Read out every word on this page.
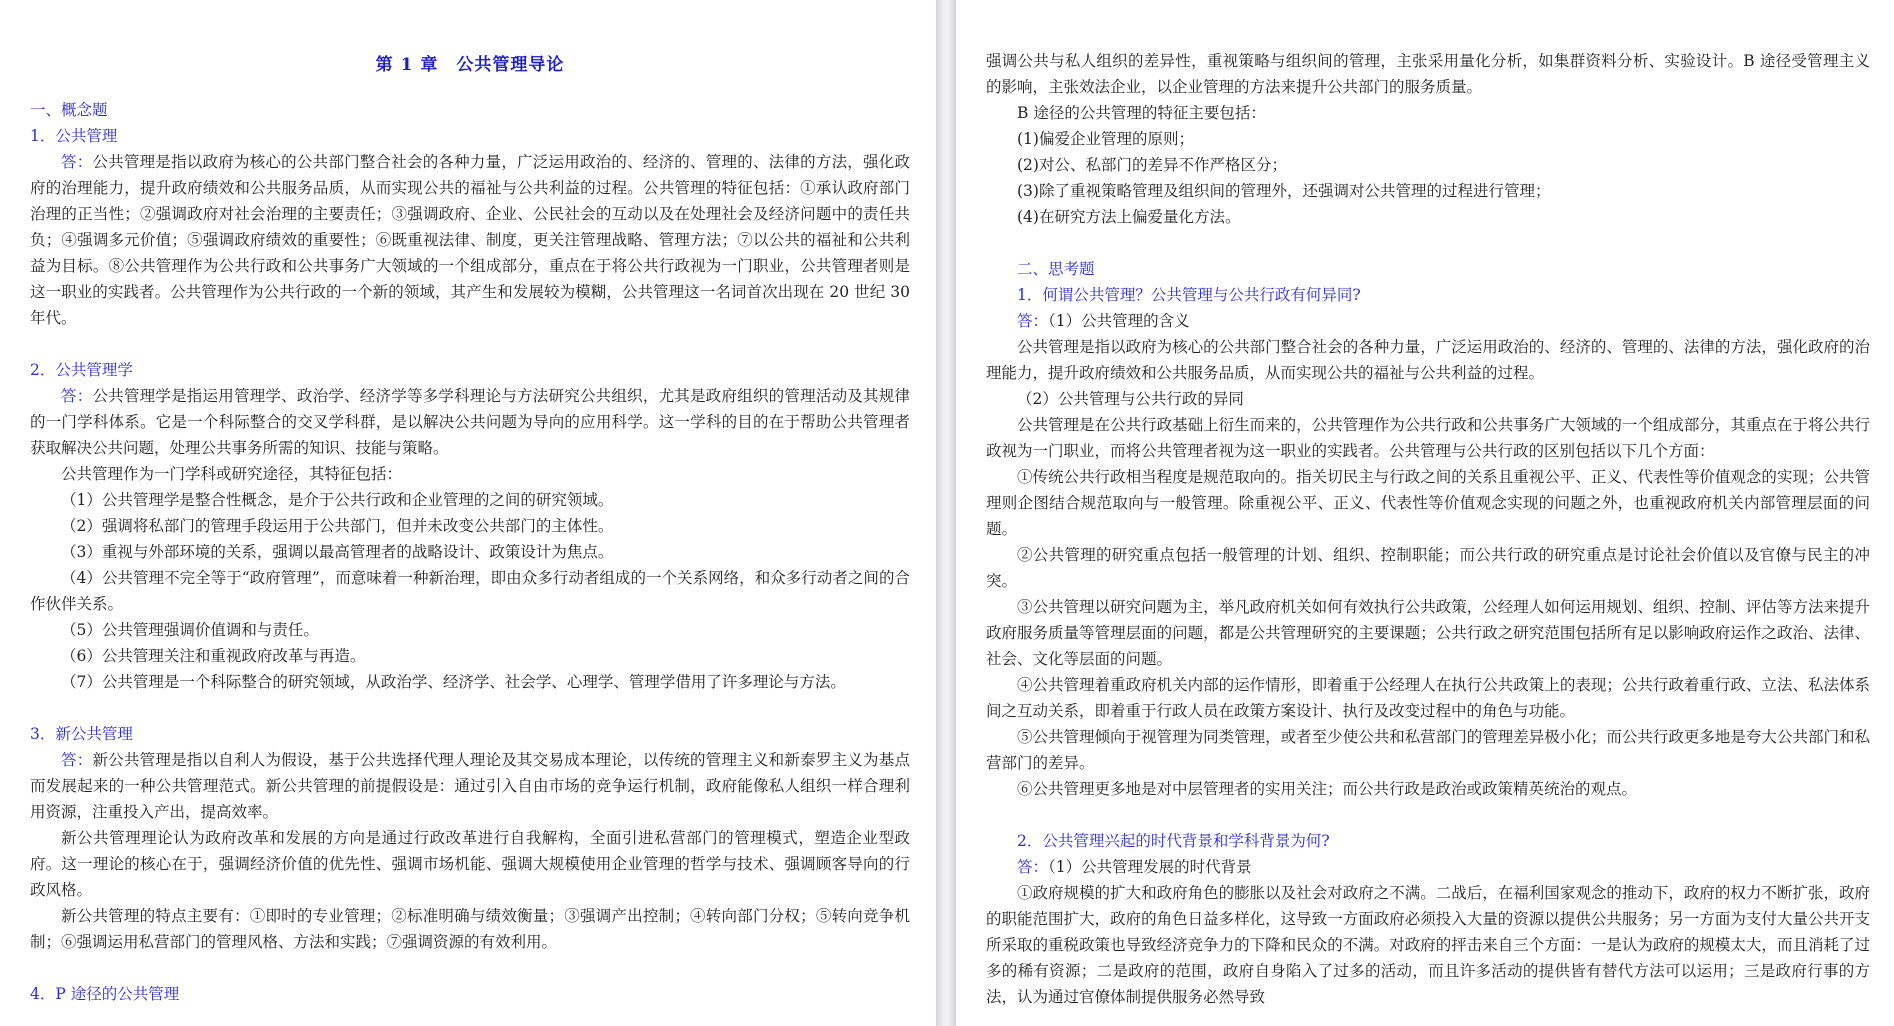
第 1 章　公共管理导论
一、概念题
1．公共管理

答：公共管理是指以政府为核心的公共部门整合社会的各种力量，广泛运用政治的、经济的、管理的、法律的方法，强化政府的治理能力，提升政府绩效和公共服务品质，从而实现公共的福祉与公共利益的过程。公共管理的特征包括：①承认政府部门治理的正当性；②强调政府对社会治理的主要责任；③强调政府、企业、公民社会的互动以及在处理社会及经济问题中的责任共负；④强调多元价值；⑤强调政府绩效的重要性；⑥既重视法律、制度，更关注管理战略、管理方法；⑦以公共的福祉和公共利益为目标。⑧公共管理作为公共行政和公共事务广大领域的一个组成部分，重点在于将公共行政视为一门职业，公共管理者则是这一职业的实践者。公共管理作为公共行政的一个新的领域，其产生和发展较为模糊，公共管理这一名词首次出现在 20 世纪 30 年代。

2．公共管理学

答：公共管理学是指运用管理学、政治学、经济学等多学科理论与方法研究公共组织，尤其是政府组织的管理活动及其规律的一门学科体系。它是一个科际整合的交叉学科群，是以解决公共问题为导向的应用科学。这一学科的目的在于帮助公共管理者获取解决公共问题，处理公共事务所需的知识、技能与策略。

公共管理作为一门学科或研究途径，其特征包括：

（1）公共管理学是整合性概念，是介于公共行政和企业管理的之间的研究领域。

（2）强调将私部门的管理手段运用于公共部门，但并未改变公共部门的主体性。

（3）重视与外部环境的关系，强调以最高管理者的战略设计、政策设计为焦点。

（4）公共管理不完全等于“政府管理”，而意味着一种新治理，即由众多行动者组成的一个关系网络，和众多行动者之间的合作伙伴关系。

（5）公共管理强调价值调和与责任。

（6）公共管理关注和重视政府改革与再造。

（7）公共管理是一个科际整合的研究领域，从政治学、经济学、社会学、心理学、管理学借用了许多理论与方法。

3．新公共管理

答：新公共管理是指以自利人为假设，基于公共选择代理人理论及其交易成本理论，以传统的管理主义和新泰罗主义为基点而发展起来的一种公共管理范式。新公共管理的前提假设是：通过引入自由市场的竞争运行机制，政府能像私人组织一样合理利用资源，注重投入产出，提高效率。

新公共管理理论认为政府改革和发展的方向是通过行政改革进行自我解构，全面引进私营部门的管理模式，塑造企业型政府。这一理论的核心在于，强调经济价值的优先性、强调市场机能、强调大规模使用企业管理的哲学与技术、强调顾客导向的行政风格。

新公共管理的特点主要有：①即时的专业管理；②标准明确与绩效衡量；③强调产出控制；④转向部门分权；⑤转向竞争机制；⑥强调运用私营部门的管理风格、方法和实践；⑦强调资源的有效利用。

4．P 途径的公共管理

强调公共与私人组织的差异性，重视策略与组织间的管理，主张采用量化分析，如集群资料分析、实验设计。B 途径受管理主义的影响，主张效法企业，以企业管理的方法来提升公共部门的服务质量。

B 途径的公共管理的特征主要包括：

(1)偏爱企业管理的原则；

(2)对公、私部门的差异不作严格区分；

(3)除了重视策略管理及组织间的管理外，还强调对公共管理的过程进行管理；

(4)在研究方法上偏爱量化方法。

二、思考题
1．何谓公共管理？公共管理与公共行政有何异同?

答：（1）公共管理的含义

公共管理是指以政府为核心的公共部门整合社会的各种力量，广泛运用政治的、经济的、管理的、法律的方法，强化政府的治理能力，提升政府绩效和公共服务品质，从而实现公共的福祉与公共利益的过程。

（2）公共管理与公共行政的异同

公共管理是在公共行政基础上衍生而来的，公共管理作为公共行政和公共事务广大领域的一个组成部分，其重点在于将公共行政视为一门职业，而将公共管理者视为这一职业的实践者。公共管理与公共行政的区别包括以下几个方面：

①传统公共行政相当程度是规范取向的。指关切民主与行政之间的关系且重视公平、正义、代表性等价值观念的实现；公共管理则企图结合规范取向与一般管理。除重视公平、正义、代表性等价值观念实现的问题之外，也重视政府机关内部管理层面的问题。

②公共管理的研究重点包括一般管理的计划、组织、控制职能；而公共行政的研究重点是讨论社会价值以及官僚与民主的冲突。

③公共管理以研究问题为主，举凡政府机关如何有效执行公共政策，公经理人如何运用规划、组织、控制、评估等方法来提升政府服务质量等管理层面的问题，都是公共管理研究的主要课题；公共行政之研究范围包括所有足以影响政府运作之政治、法律、社会、文化等层面的问题。

④公共管理着重政府机关内部的运作情形，即着重于公经理人在执行公共政策上的表现；公共行政着重行政、立法、私法体系间之互动关系，即着重于行政人员在政策方案设计、执行及改变过程中的角色与功能。

⑤公共管理倾向于视管理为同类管理，或者至少使公共和私营部门的管理差异极小化；而公共行政更多地是夸大公共部门和私营部门的差异。

⑥公共管理更多地是对中层管理者的实用关注；而公共行政是政治或政策精英统治的观点。

2．公共管理兴起的时代背景和学科背景为何?

答：（1）公共管理发展的时代背景

①政府规模的扩大和政府角色的膨胀以及社会对政府之不满。二战后，在福利国家观念的推动下，政府的权力不断扩张，政府的职能范围扩大，政府的角色日益多样化，这导致一方面政府必须投入大量的资源以提供公共服务；另一方面为支付大量公共开支所采取的重税政策也导致经济竞争力的下降和民众的不满。对政府的抨击来自三个方面：一是认为政府的规模太大，而且消耗了过多的稀有资源；二是政府的范围，政府自身陷入了过多的活动，而且许多活动的提供皆有替代方法可以运用；三是政府行事的方法，认为通过官僚体制提供服务必然导致
